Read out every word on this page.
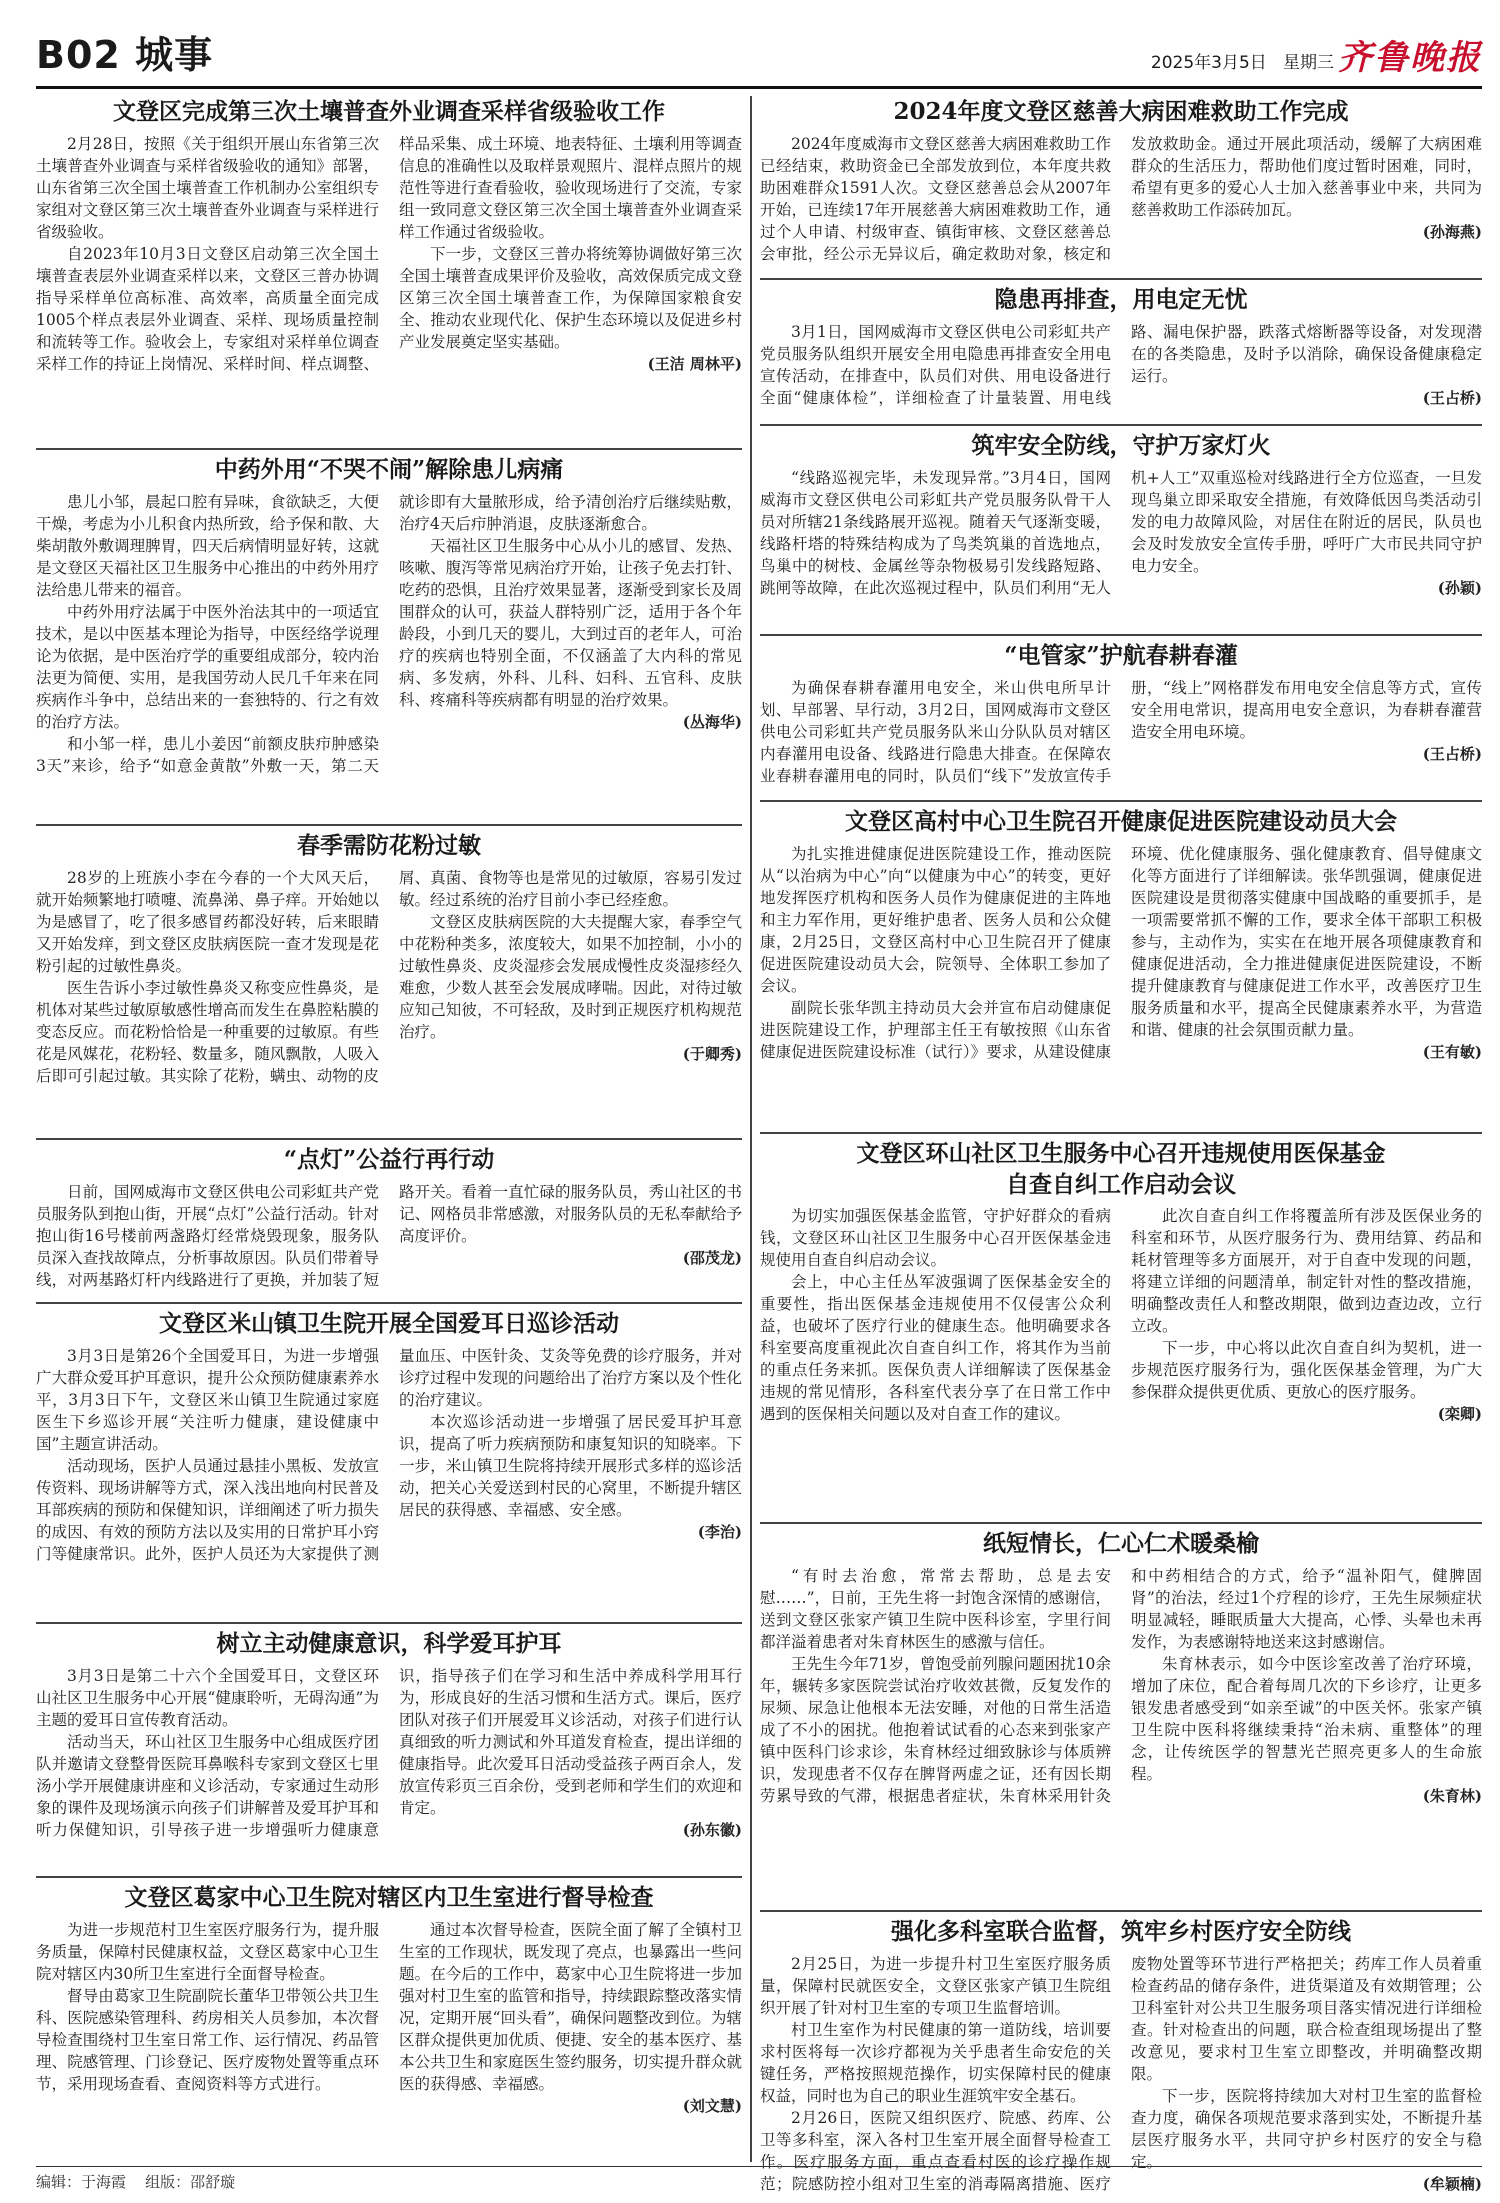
B02 城事	2025年3月5日 星期三 齐鲁晚报
文登区完成第三次土壤普查外业调查采样省级验收工作

2月28日，按照《关于组织开展山东省第三次土壤普查外业调查与采样省级验收的通知》部署，山东省第三次全国土壤普查工作机制办公室组织专家组对文登区第三次土壤普查外业调查与采样进行省级验收。

自2023年10月3日文登区启动第三次全国土壤普查表层外业调查采样以来，文登区三普办协调指导采样单位高标准、高效率，高质量全面完成1005个样点表层外业调查、采样、现场质量控制和流转等工作。验收会上，专家组对采样单位调查采样工作的持证上岗情况、采样时间、样点调整、样品采集、成土环境、地表特征、土壤利用等调查信息的准确性以及取样景观照片、混样点照片的规范性等进行查看验收，验收现场进行了交流，专家组一致同意文登区第三次全国土壤普查外业调查采样工作通过省级验收。

下一步，文登区三普办将统筹协调做好第三次全国土壤普查成果评价及验收，高效保质完成文登区第三次全国土壤普查工作，为保障国家粮食安全、推动农业现代化、保护生态环境以及促进乡村产业发展奠定坚实基础。

(王洁 周林平)
中药外用“不哭不闹”解除患儿病痛

患儿小邹，晨起口腔有异味，食欲缺乏，大便干燥，考虑为小儿积食内热所致，给予保和散、大柴胡散外敷调理脾胃，四天后病情明显好转，这就是文登区天福社区卫生服务中心推出的中药外用疗法给患儿带来的福音。

中药外用疗法属于中医外治法其中的一项适宜技术，是以中医基本理论为指导，中医经络学说理论为依据，是中医治疗学的重要组成部分，较内治法更为简便、实用，是我国劳动人民几千年来在同疾病作斗争中，总结出来的一套独特的、行之有效的治疗方法。

和小邹一样，患儿小姜因“前额皮肤疖肿感染3天”来诊，给予“如意金黄散”外敷一天，第二天就诊即有大量脓形成，给予清创治疗后继续贴敷，治疗4天后疖肿消退，皮肤逐渐愈合。

天福社区卫生服务中心从小儿的感冒、发热、咳嗽、腹泻等常见病治疗开始，让孩子免去打针、吃药的恐惧，且治疗效果显著，逐渐受到家长及周围群众的认可，获益人群特别广泛，适用于各个年龄段，小到几天的婴儿，大到过百的老年人，可治疗的疾病也特别全面，不仅涵盖了大内科的常见病、多发病，外科、儿科、妇科、五官科、皮肤科、疼痛科等疾病都有明显的治疗效果。

(丛海华)
春季需防花粉过敏

28岁的上班族小李在今春的一个大风天后，就开始频繁地打喷嚏、流鼻涕、鼻子痒。开始她以为是感冒了，吃了很多感冒药都没好转，后来眼睛又开始发痒，到文登区皮肤病医院一查才发现是花粉引起的过敏性鼻炎。

医生告诉小李过敏性鼻炎又称变应性鼻炎，是机体对某些过敏原敏感性增高而发生在鼻腔粘膜的变态反应。而花粉恰恰是一种重要的过敏原。有些花是风媒花，花粉轻、数量多，随风飘散，人吸入后即可引起过敏。其实除了花粉，螨虫、动物的皮屑、真菌、食物等也是常见的过敏原，容易引发过敏。经过系统的治疗目前小李已经痊愈。

文登区皮肤病医院的大夫提醒大家，春季空气中花粉种类多，浓度较大，如果不加控制，小小的过敏性鼻炎、皮炎湿疹会发展成慢性皮炎湿疹经久难愈，少数人甚至会发展成哮喘。因此，对待过敏应知己知彼，不可轻敌，及时到正规医疗机构规范治疗。

(于卿秀)
“点灯”公益行再行动

日前，国网威海市文登区供电公司彩虹共产党员服务队到抱山街，开展“点灯”公益行活动。针对抱山街16号楼前两盏路灯经常烧毁现象，服务队员深入查找故障点，分析事故原因。队员们带着导线，对两基路灯杆内线路进行了更换，并加装了短路开关。看着一直忙碌的服务队员，秀山社区的书记、网格员非常感激，对服务队员的无私奉献给予高度评价。

(邵茂龙)
文登区米山镇卫生院开展全国爱耳日巡诊活动

3月3日是第26个全国爱耳日，为进一步增强广大群众爱耳护耳意识，提升公众预防健康素养水平，3月3日下午，文登区米山镇卫生院通过家庭医生下乡巡诊开展“关注听力健康，建设健康中国”主题宣讲活动。

活动现场，医护人员通过悬挂小黑板、发放宣传资料、现场讲解等方式，深入浅出地向村民普及耳部疾病的预防和保健知识，详细阐述了听力损失的成因、有效的预防方法以及实用的日常护耳小窍门等健康常识。此外，医护人员还为大家提供了测量血压、中医针灸、艾灸等免费的诊疗服务，并对诊疗过程中发现的问题给出了治疗方案以及个性化的治疗建议。

本次巡诊活动进一步增强了居民爱耳护耳意识，提高了听力疾病预防和康复知识的知晓率。下一步，米山镇卫生院将持续开展形式多样的巡诊活动，把关心关爱送到村民的心窝里，不断提升辖区居民的获得感、幸福感、安全感。

(李治)
树立主动健康意识，科学爱耳护耳

3月3日是第二十六个全国爱耳日，文登区环山社区卫生服务中心开展“健康聆听，无碍沟通”为主题的爱耳日宣传教育活动。

活动当天，环山社区卫生服务中心组成医疗团队并邀请文登整骨医院耳鼻喉科专家到文登区七里汤小学开展健康讲座和义诊活动，专家通过生动形象的课件及现场演示向孩子们讲解普及爱耳护耳和听力保健知识，引导孩子进一步增强听力健康意识，指导孩子们在学习和生活中养成科学用耳行为，形成良好的生活习惯和生活方式。课后，医疗团队对孩子们开展爱耳义诊活动，对孩子们进行认真细致的听力测试和外耳道发育检查，提出详细的健康指导。此次爱耳日活动受益孩子两百余人，发放宣传彩页三百余份，受到老师和学生们的欢迎和肯定。

(孙东徽)
文登区葛家中心卫生院对辖区内卫生室进行督导检查

为进一步规范村卫生室医疗服务行为，提升服务质量，保障村民健康权益，文登区葛家中心卫生院对辖区内30所卫生室进行全面督导检查。

督导由葛家卫生院副院长董华卫带领公共卫生科、医院感染管理科、药房相关人员参加，本次督导检查围绕村卫生室日常工作、运行情况、药品管理、院感管理、门诊登记、医疗废物处置等重点环节，采用现场查看、查阅资料等方式进行。

通过本次督导检查，医院全面了解了全镇村卫生室的工作现状，既发现了亮点，也暴露出一些问题。在今后的工作中，葛家中心卫生院将进一步加强对村卫生室的监管和指导，持续跟踪整改落实情况，定期开展“回头看”，确保问题整改到位。为辖区群众提供更加优质、便捷、安全的基本医疗、基本公共卫生和家庭医生签约服务，切实提升群众就医的获得感、幸福感。

(刘文慧)
2024年度文登区慈善大病困难救助工作完成

2024年度威海市文登区慈善大病困难救助工作已经结束，救助资金已全部发放到位，本年度共救助困难群众1591人次。文登区慈善总会从2007年开始，已连续17年开展慈善大病困难救助工作，通过个人申请、村级审查、镇街审核、文登区慈善总会审批，经公示无异议后，确定救助对象，核定和发放救助金。通过开展此项活动，缓解了大病困难群众的生活压力，帮助他们度过暂时困难，同时，希望有更多的爱心人士加入慈善事业中来，共同为慈善救助工作添砖加瓦。

(孙海燕)
隐患再排查，用电定无忧

3月1日，国网威海市文登区供电公司彩虹共产党员服务队组织开展安全用电隐患再排查安全用电宣传活动，在排查中，队员们对供、用电设备进行全面“健康体检”，详细检查了计量装置、用电线路、漏电保护器，跌落式熔断器等设备，对发现潜在的各类隐患，及时予以消除，确保设备健康稳定运行。

(王占桥)
筑牢安全防线，守护万家灯火

“线路巡视完毕，未发现异常。”3月4日，国网威海市文登区供电公司彩虹共产党员服务队骨干人员对所辖21条线路展开巡视。随着天气逐渐变暖，线路杆塔的特殊结构成为了鸟类筑巢的首选地点，鸟巢中的树枝、金属丝等杂物极易引发线路短路、跳闸等故障，在此次巡视过程中，队员们利用“无人机+人工”双重巡检对线路进行全方位巡查，一旦发现鸟巢立即采取安全措施，有效降低因鸟类活动引发的电力故障风险，对居住在附近的居民，队员也会及时发放安全宣传手册，呼吁广大市民共同守护电力安全。

(孙颖)
“电管家”护航春耕春灌

为确保春耕春灌用电安全，米山供电所早计划、早部署、早行动，3月2日，国网威海市文登区供电公司彩虹共产党员服务队米山分队队员对辖区内春灌用电设备、线路进行隐患大排查。在保障农业春耕春灌用电的同时，队员们“线下”发放宣传手册，“线上”网格群发布用电安全信息等方式，宣传安全用电常识，提高用电安全意识，为春耕春灌营造安全用电环境。

(王占桥)
文登区高村中心卫生院召开健康促进医院建设动员大会

为扎实推进健康促进医院建设工作，推动医院从“以治病为中心”向“以健康为中心”的转变，更好地发挥医疗机构和医务人员作为健康促进的主阵地和主力军作用，更好维护患者、医务人员和公众健康，2月25日，文登区高村中心卫生院召开了健康促进医院建设动员大会，院领导、全体职工参加了会议。

副院长张华凯主持动员大会并宣布启动健康促进医院建设工作，护理部主任王有敏按照《山东省健康促进医院建设标准（试行）》要求，从建设健康环境、优化健康服务、强化健康教育、倡导健康文化等方面进行了详细解读。张华凯强调，健康促进医院建设是贯彻落实健康中国战略的重要抓手，是一项需要常抓不懈的工作，要求全体干部职工积极参与，主动作为，实实在在地开展各项健康教育和健康促进活动，全力推进健康促进医院建设，不断提升健康教育与健康促进工作水平，改善医疗卫生服务质量和水平，提高全民健康素养水平，为营造和谐、健康的社会氛围贡献力量。

(王有敏)
文登区环山社区卫生服务中心召开违规使用医保基金自查自纠工作启动会议

为切实加强医保基金监管，守护好群众的看病钱，文登区环山社区卫生服务中心召开医保基金违规使用自查自纠启动会议。

会上，中心主任丛军波强调了医保基金安全的重要性，指出医保基金违规使用不仅侵害公众利益，也破坏了医疗行业的健康生态。他明确要求各科室要高度重视此次自查自纠工作，将其作为当前的重点任务来抓。医保负责人详细解读了医保基金违规的常见情形，各科室代表分享了在日常工作中遇到的医保相关问题以及对自查工作的建议。

此次自查自纠工作将覆盖所有涉及医保业务的科室和环节，从医疗服务行为、费用结算、药品和耗材管理等多方面展开，对于自查中发现的问题，将建立详细的问题清单，制定针对性的整改措施，明确整改责任人和整改期限，做到边查边改，立行立改。

下一步，中心将以此次自查自纠为契机，进一步规范医疗服务行为，强化医保基金管理，为广大参保群众提供更优质、更放心的医疗服务。

(栾卿)
纸短情长，仁心仁术暖桑榆

“有时去治愈，常常去帮助，总是去安慰……”，日前，王先生将一封饱含深情的感谢信，送到文登区张家产镇卫生院中医科诊室，字里行间都洋溢着患者对朱育林医生的感激与信任。

王先生今年71岁，曾饱受前列腺问题困扰10余年，辗转多家医院尝试治疗收效甚微，反复发作的尿频、尿急让他根本无法安睡，对他的日常生活造成了不小的困扰。他抱着试试看的心态来到张家产镇中医科门诊求诊，朱育林经过细致脉诊与体质辨识，发现患者不仅存在脾肾两虚之证，还有因长期劳累导致的气滞，根据患者症状，朱育林采用针灸和中药相结合的方式，给予“温补阳气，健脾固肾”的治法，经过1个疗程的诊疗，王先生尿频症状明显减轻，睡眠质量大大提高，心悸、头晕也未再发作，为表感谢特地送来这封感谢信。

朱育林表示，如今中医诊室改善了治疗环境，增加了床位，配合着每周几次的下乡诊疗，让更多银发患者感受到“如亲至诚”的中医关怀。张家产镇卫生院中医科将继续秉持“治未病、重整体”的理念，让传统医学的智慧光芒照亮更多人的生命旅程。

(朱育林)
强化多科室联合监督，筑牢乡村医疗安全防线

2月25日，为进一步提升村卫生室医疗服务质量，保障村民就医安全，文登区张家产镇卫生院组织开展了针对村卫生室的专项卫生监督培训。

村卫生室作为村民健康的第一道防线，培训要求村医将每一次诊疗都视为关乎患者生命安危的关键任务，严格按照规范操作，切实保障村民的健康权益，同时也为自己的职业生涯筑牢安全基石。

2月26日，医院又组织医疗、院感、药库、公卫等多科室，深入各村卫生室开展全面督导检查工作。医疗服务方面，重点查看村医的诊疗操作规范；院感防控小组对卫生室的消毒隔离措施、医疗废物处置等环节进行严格把关；药库工作人员着重检查药品的储存条件，进货渠道及有效期管理；公卫科室针对公共卫生服务项目落实情况进行详细检查。针对检查出的问题，联合检查组现场提出了整改意见，要求村卫生室立即整改，并明确整改期限。

下一步，医院将持续加大对村卫生室的监督检查力度，确保各项规范要求落到实处，不断提升基层医疗服务水平，共同守护乡村医疗的安全与稳定。

(牟颖楠)
编辑：于海霞 组版：邵舒璇
